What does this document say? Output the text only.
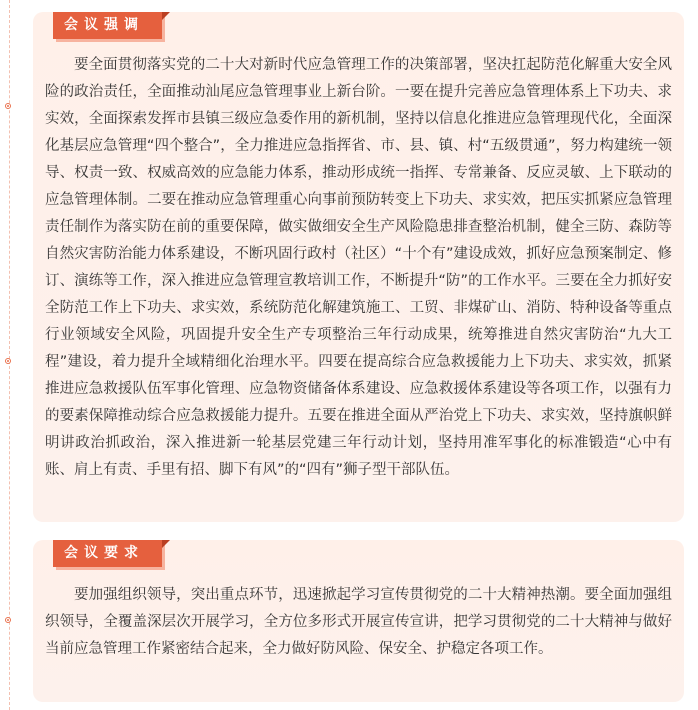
会议强调

要全面贯彻落实党的二十大对新时代应急管理工作的决策部署，坚决扛起防范化解重大安全风险的政治责任，全面推动汕尾应急管理事业上新台阶。一要在提升完善应急管理体系上下功夫、求实效，全面探索发挥市县镇三级应急委作用的新机制，坚持以信息化推进应急管理现代化，全面深化基层应急管理“四个整合”，全力推进应急指挥省、市、县、镇、村“五级贯通”，努力构建统一领导、权责一致、权威高效的应急能力体系，推动形成统一指挥、专常兼备、反应灵敏、上下联动的应急管理体制。二要在推动应急管理重心向事前预防转变上下功夫、求实效，把压实抓紧应急管理责任制作为落实防在前的重要保障，做实做细安全生产风险隐患排查整治机制，健全三防、森防等自然灾害防治能力体系建设，不断巩固行政村（社区）“十个有”建设成效，抓好应急预案制定、修订、演练等工作，深入推进应急管理宣教培训工作，不断提升“防”的工作水平。三要在全力抓好安全防范工作上下功夫、求实效，系统防范化解建筑施工、工贸、非煤矿山、消防、特种设备等重点行业领域安全风险，巩固提升安全生产专项整治三年行动成果，统筹推进自然灾害防治“九大工程”建设，着力提升全域精细化治理水平。四要在提高综合应急救援能力上下功夫、求实效，抓紧推进应急救援队伍军事化管理、应急物资储备体系建设、应急救援体系建设等各项工作，以强有力的要素保障推动综合应急救援能力提升。五要在推进全面从严治党上下功夫、求实效，坚持旗帜鲜明讲政治抓政治，深入推进新一轮基层党建三年行动计划，坚持用准军事化的标准锻造“心中有账、肩上有责、手里有招、脚下有风”的“四有”狮子型干部队伍。

会议要求

要加强组织领导，突出重点环节，迅速掀起学习宣传贯彻党的二十大精神热潮。要全面加强组织领导，全覆盖深层次开展学习，全方位多形式开展宣传宣讲，把学习贯彻党的二十大精神与做好当前应急管理工作紧密结合起来，全力做好防风险、保安全、护稳定各项工作。
